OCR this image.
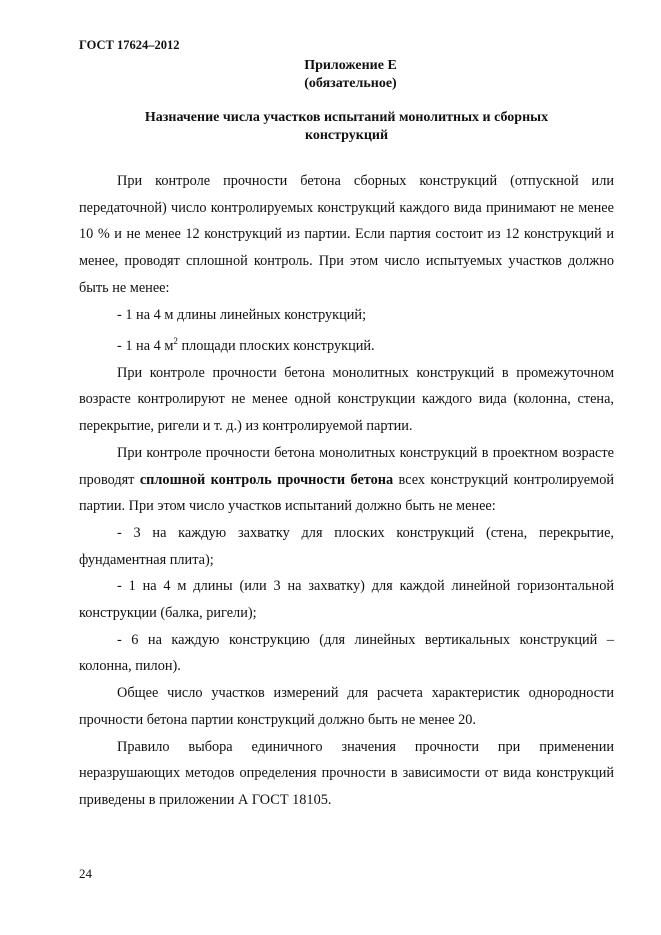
ГОСТ 17624–2012
Приложение Е
(обязательное)
Назначение числа участков испытаний монолитных и сборных
конструкций

При контроле прочности бетона сборных конструкций (отпускной или передаточной) число контролируемых конструкций каждого вида принимают не менее 10 % и не менее 12 конструкций из партии. Если партия состоит из 12 конструкций и менее, проводят сплошной контроль. При этом число испытуемых участков должно быть не менее:

- 1 на 4 м длины линейных конструкций;

- 1 на 4 $м^2$ площади плоских конструкций.

При контроле прочности бетона монолитных конструкций в промежуточном возрасте контролируют не менее одной конструкции каждого вида (колонна, стена, перекрытие, ригели и т. д.) из контролируемой партии.

При контроле прочности бетона монолитных конструкций в проектном возрасте проводят сплошной контроль прочности бетона всех конструкций контролируемой партии. При этом число участков испытаний должно быть не менее:

- 3 на каждую захватку для плоских конструкций (стена, перекрытие, фундаментная плита);

- 1 на 4 м длины (или 3 на захватку) для каждой линейной горизонтальной конструкции (балка, ригели);

- 6 на каждую конструкцию (для линейных вертикальных конструкций – колонна, пилон).

Общее число участков измерений для расчета характеристик однородности прочности бетона партии конструкций должно быть не менее 20.

Правило выбора единичного значения прочности при применении неразрушающих методов определения прочности в зависимости от вида конструкций приведены в приложении А ГОСТ 18105.

24
